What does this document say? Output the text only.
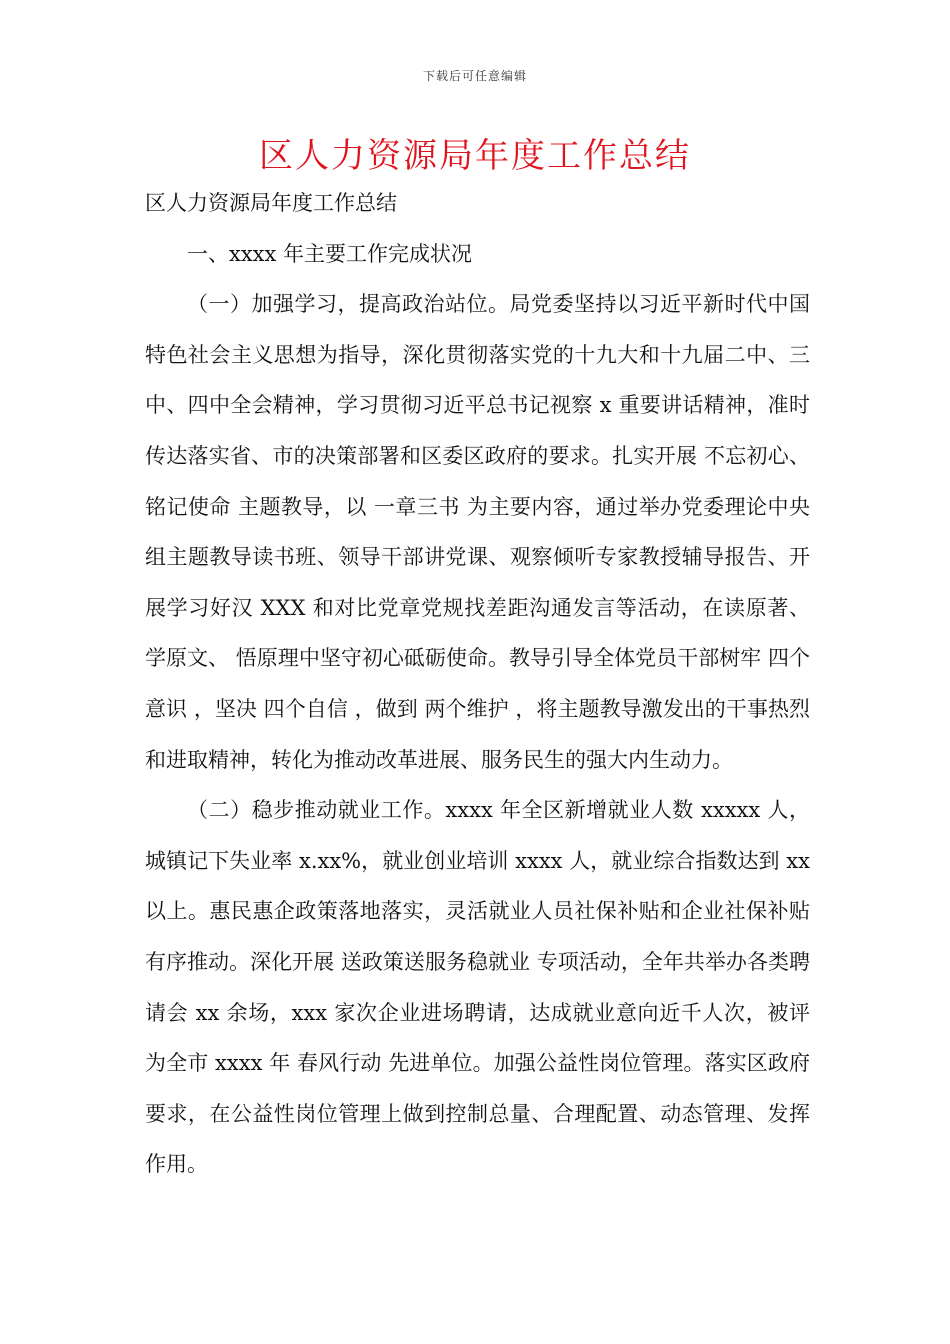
下载后可任意编辑
区人力资源局年度工作总结

区人力资源局年度工作总结

一、xxxx 年主要工作完成状况

（一）加强学习，提高政治站位。局党委坚持以习近平新时代中国特色社会主义思想为指导，深化贯彻落实党的十九大和十九届二中、三中、四中全会精神，学习贯彻习近平总书记视察 x 重要讲话精神，准时传达落实省、市的决策部署和区委区政府的要求。扎实开展 不忘初心、铭记使命 主题教导，以 一章三书 为主要内容，通过举办党委理论中央组主题教导读书班、领导干部讲党课、观察倾听专家教授辅导报告、开展学习好汉 XXX 和对比党章党规找差距沟通发言等活动，在读原著、学原文、 悟原理中坚守初心砥砺使命。教导引导全体党员干部树牢 四个意识 ，坚决 四个自信 ，做到 两个维护 ，将主题教导激发出的干事热烈和进取精神，转化为推动改革进展、服务民生的强大内生动力。

（二）稳步推动就业工作。xxxx 年全区新增就业人数 xxxxx 人，城镇记下失业率 x.xx%，就业创业培训 xxxx 人，就业综合指数达到 xx 以上。惠民惠企政策落地落实，灵活就业人员社保补贴和企业社保补贴有序推动。深化开展 送政策送服务稳就业 专项活动，全年共举办各类聘请会 xx 余场，xxx 家次企业进场聘请，达成就业意向近千人次，被评为全市 xxxx 年 春风行动 先进单位。加强公益性岗位管理。落实区政府要求，在公益性岗位管理上做到控制总量、合理配置、动态管理、发挥作用。
